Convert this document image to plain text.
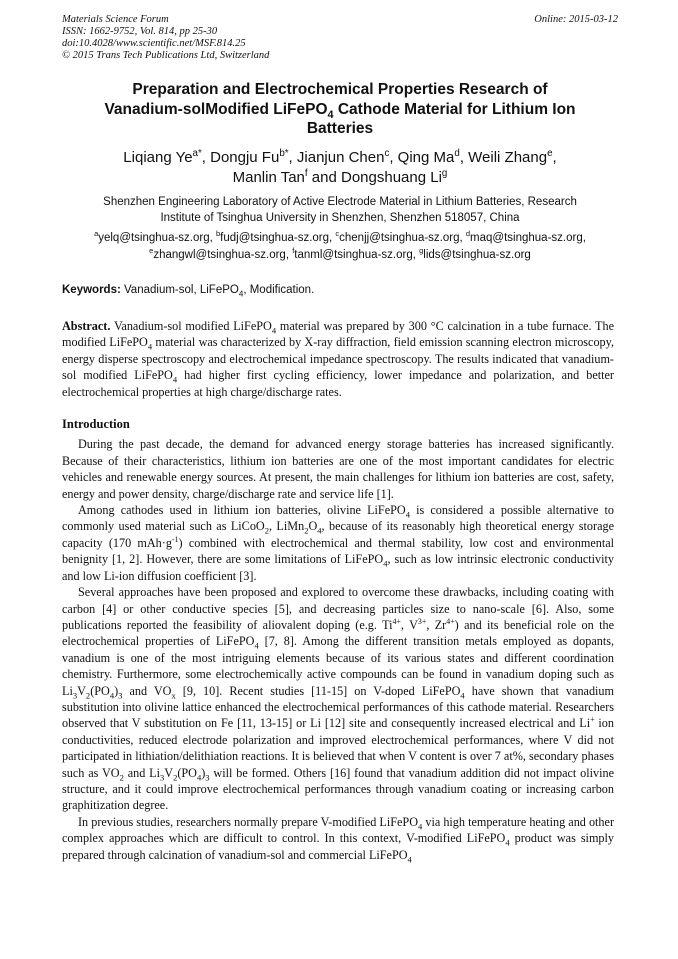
Materials Science Forum
ISSN: 1662-9752, Vol. 814, pp 25-30
doi:10.4028/www.scientific.net/MSF.814.25
© 2015 Trans Tech Publications Ltd, Switzerland
Online: 2015-03-12
Preparation and Electrochemical Properties Research of
Vanadium-solModified LiFePO$_4$ Cathode Material for Lithium Ion
Batteries
Liqiang $Ye^{a*}$, Dongju $Fu^{b*}$, Jianjun Chen$^c$, Qing Ma$^d$, Weili Zhang$^e$,
Manlin Tan$^f$ and Dongshuang Li$^g$
Shenzhen Engineering Laboratory of Active Electrode Material in Lithium Batteries, Research
Institute of Tsinghua University in Shenzhen, Shenzhen 518057, China
$^a$yelq@tsinghua-sz.org, $^b$fudj@tsinghua-sz.org, $^c$chenjj@tsinghua-sz.org, $^d$maq@tsinghua-sz.org,
$^e$zhangwl@tsinghua-sz.org, $^f$tanml@tsinghua-sz.org, $^g$lids@tsinghua-sz.org
Keywords: Vanadium-sol, LiFePO$_4$, Modification.

Abstract. Vanadium-sol modified LiFePO$_4$ material was prepared by 300 °C calcination in a tube furnace. The modified LiFePO$_4$ material was characterized by X-ray diffraction, field emission scanning electron microscopy, energy disperse spectroscopy and electrochemical impedance spectroscopy. The results indicated that vanadium-sol modified LiFePO$_4$ had higher first cycling efficiency, lower impedance and polarization, and better electrochemical properties at high charge/discharge rates.

Introduction

During the past decade, the demand for advanced energy storage batteries has increased significantly. Because of their characteristics, lithium ion batteries are one of the most important candidates for electric vehicles and renewable energy sources. At present, the main challenges for lithium ion batteries are cost, safety, energy and power density, charge/discharge rate and service life [1].

Among cathodes used in lithium ion batteries, olivine LiFePO$_4$ is considered a possible alternative to commonly used material such as LiCoO$_2$, $LiMn_2O_4$, because of its reasonably high theoretical energy storage capacity (170 $mAh\cdot g^{-1}$) combined with electrochemical and thermal stability, low cost and environmental benignity [1, 2]. However, there are some limitations of LiFePO$_4$, such as low intrinsic electronic conductivity and low Li-ion diffusion coefficient [3].

Several approaches have been proposed and explored to overcome these drawbacks, including coating with carbon [4] or other conductive species [5], and decreasing particles size to nano-scale [6]. Also, some publications reported the feasibility of aliovalent doping (e.g. $Ti^{4+}$, $V^{3+}$, $Zr^{4+}$) and its beneficial role on the electrochemical properties of LiFePO$_4$ [7, 8]. Among the different transition metals employed as dopants, vanadium is one of the most intriguing elements because of its various states and different coordination chemistry. Furthermore, some electrochemically active compounds can be found in vanadium doping such as $Li_3V_2(PO_4)_3$ and $VO_x$ [9, 10]. Recent studies [11-15] on V-doped LiFePO$_4$ have shown that vanadium substitution into olivine lattice enhanced the electrochemical performances of this cathode material. Researchers observed that V substitution on Fe [11, 13-15] or Li [12] site and consequently increased electrical and Li+ ion conductivities, reduced electrode polarization and improved electrochemical performances, where V did not participated in lithiation/delithiation reactions. It is believed that when V content is over 7 at%, secondary phases such as $VO_2$ and $Li_3V_2(PO_4)_3$ will be formed. Others [16] found that vanadium addition did not impact olivine structure, and it could improve electrochemical performances through vanadium coating or increasing carbon graphitization degree.

In previous studies, researchers normally prepare V-modified LiFePO$_4$ via high temperature heating and other complex approaches which are difficult to control. In this context, V-modified LiFePO$_4$ product was simply prepared through calcination of vanadium-sol and commercial LiFePO$_4$
